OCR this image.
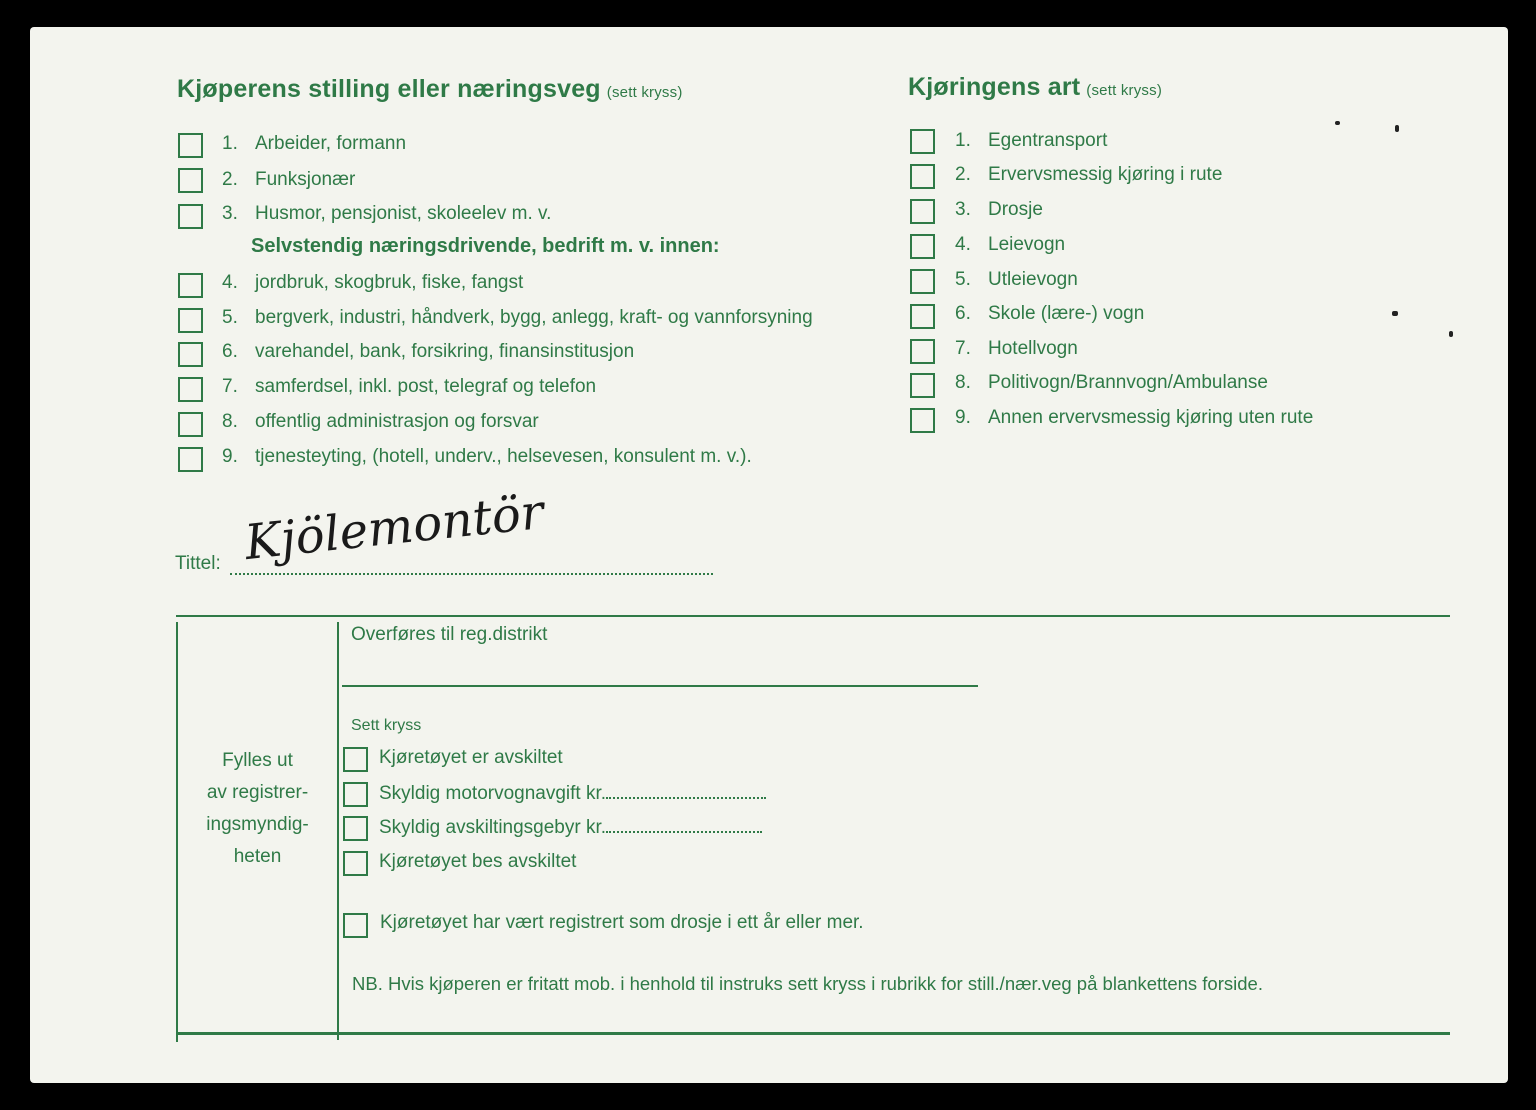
Kjøperens stilling eller næringsveg (sett kryss)
1. Arbeider, formann
2. Funksjonær
3. Husmor, pensjonist, skoleelev m. v.
Selvstendig næringsdrivende, bedrift m. v. innen:
4. jordbruk, skogbruk, fiske, fangst
5. bergverk, industri, håndverk, bygg, anlegg, kraft- og vannforsyning
6. varehandel, bank, forsikring, finansinstitusjon
7. samferdsel, inkl. post, telegraf og telefon
8. offentlig administrasjon og forsvar
9. tjenesteyting, (hotell, underv., helsevesen, konsulent m. v.).
Kjøringens art (sett kryss)
1. Egentransport
2. Ervervsmessig kjøring i rute
3. Drosje
4. Leievogn
5. Utleievogn
6. Skole (lære-) vogn
7. Hotellvogn
8. Politivogn/Brannvogn/Ambulanse
9. Annen ervervsmessig kjøring uten rute
Tittel: Kjölemontör
Fylles ut
av registrer-
ingsmyndig-
heten
Overføres til reg.distrikt
Sett kryss
Kjøretøyet er avskiltet
Skyldig motorvognavgift kr.
Skyldig avskiltingsgebyr kr.
Kjøretøyet bes avskiltet
Kjøretøyet har vært registrert som drosje i ett år eller mer.
NB. Hvis kjøperen er fritatt mob. i henhold til instruks sett kryss i rubrikk for still./nær.veg på blankettens forside.
